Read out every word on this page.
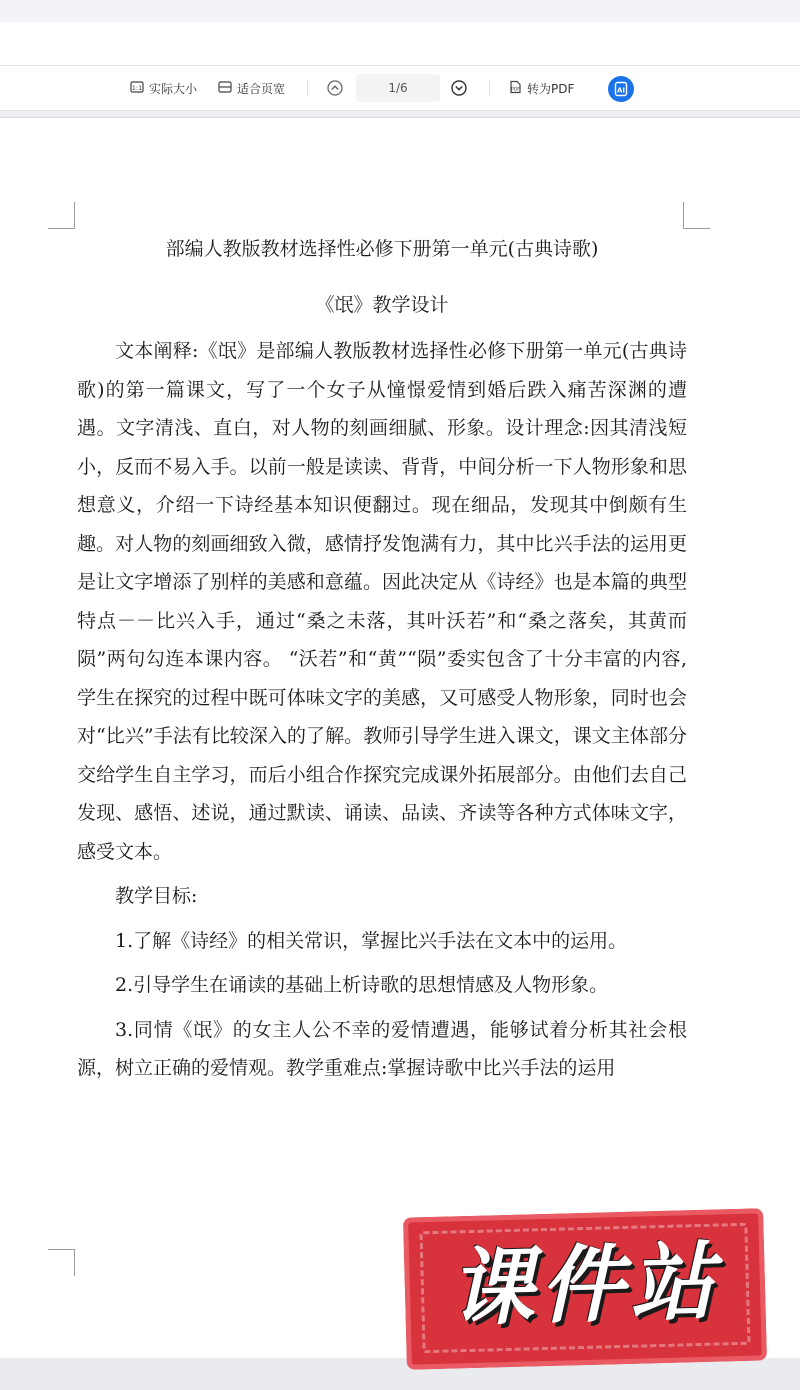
1:1 实际大小	适合页宽	PDF 转为PDF
1/6	AI
部编人教版教材选择性必修下册第一单元(古典诗歌)
《氓》教学设计

文本阐释:《氓》是部编人教版教材选择性必修下册第一单元(古典诗歌)的第一篇课文，写了一个女子从憧憬爱情到婚后跌入痛苦深渊的遭遇。文字清浅、直白，对人物的刻画细腻、形象。设计理念:因其清浅短小，反而不易入手。以前一般是读读、背背，中间分析一下人物形象和思想意义，介绍一下诗经基本知识便翻过。现在细品，发现其中倒颇有生趣。对人物的刻画细致入微，感情抒发饱满有力，其中比兴手法的运用更是让文字增添了别样的美感和意蕴。因此决定从《诗经》也是本篇的典型特点－－比兴入手，通过“桑之未落，其叶沃若”和“桑之落矣，其黄而陨”两句勾连本课内容。 “沃若”和“黄”“陨”委实包含了十分丰富的内容,学生在探究的过程中既可体味文字的美感，又可感受人物形象，同时也会对“比兴”手法有比较深入的了解。教师引导学生进入课文，课文主体部分交给学生自主学习，而后小组合作探究完成课外拓展部分。由他们去自己发现、感悟、述说，通过默读、诵读、品读、齐读等各种方式体味文字，感受文本。

教学目标:

1.了解《诗经》的相关常识，掌握比兴手法在文本中的运用。

2.引导学生在诵读的基础上析诗歌的思想情感及人物形象。

3.同情《氓》的女主人公不幸的爱情遭遇，能够试着分析其社会根源，树立正确的爱情观。教学重难点:掌握诗歌中比兴手法的运用

课件站
